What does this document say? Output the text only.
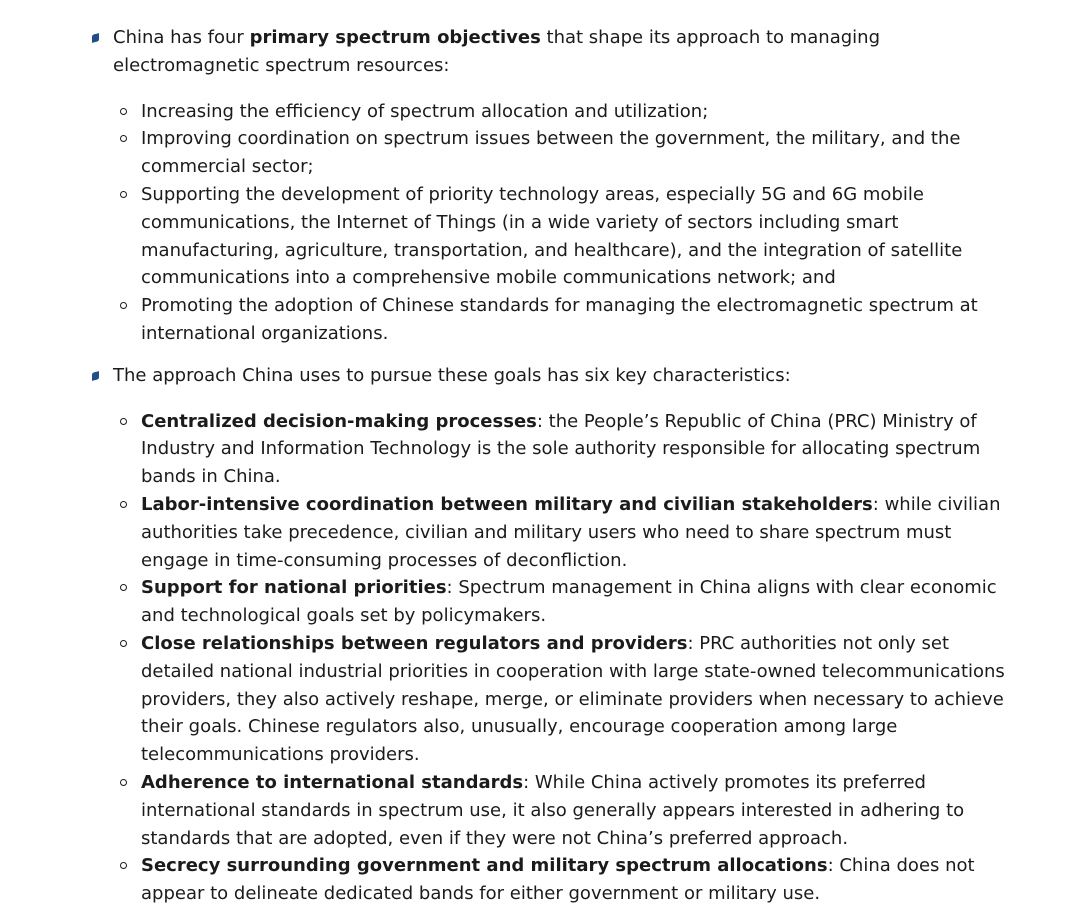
China has four primary spectrum objectives that shape its approach to managing electromagnetic spectrum resources:
Increasing the efficiency of spectrum allocation and utilization;
Improving coordination on spectrum issues between the government, the military, and the commercial sector;
Supporting the development of priority technology areas, especially 5G and 6G mobile communications, the Internet of Things (in a wide variety of sectors including smart manufacturing, agriculture, transportation, and healthcare), and the integration of satellite communications into a comprehensive mobile communications network; and
Promoting the adoption of Chinese standards for managing the electromagnetic spectrum at international organizations.
The approach China uses to pursue these goals has six key characteristics:
Centralized decision-making processes: the People’s Republic of China (PRC) Ministry of Industry and Information Technology is the sole authority responsible for allocating spectrum bands in China.
Labor-intensive coordination between military and civilian stakeholders: while civilian authorities take precedence, civilian and military users who need to share spectrum must engage in time-consuming processes of deconfliction.
Support for national priorities: Spectrum management in China aligns with clear economic and technological goals set by policymakers.
Close relationships between regulators and providers: PRC authorities not only set detailed national industrial priorities in cooperation with large state-owned telecommunications providers, they also actively reshape, merge, or eliminate providers when necessary to achieve their goals. Chinese regulators also, unusually, encourage cooperation among large telecommunications providers.
Adherence to international standards: While China actively promotes its preferred international standards in spectrum use, it also generally appears interested in adhering to standards that are adopted, even if they were not China’s preferred approach.
Secrecy surrounding government and military spectrum allocations: China does not appear to delineate dedicated bands for either government or military use.
